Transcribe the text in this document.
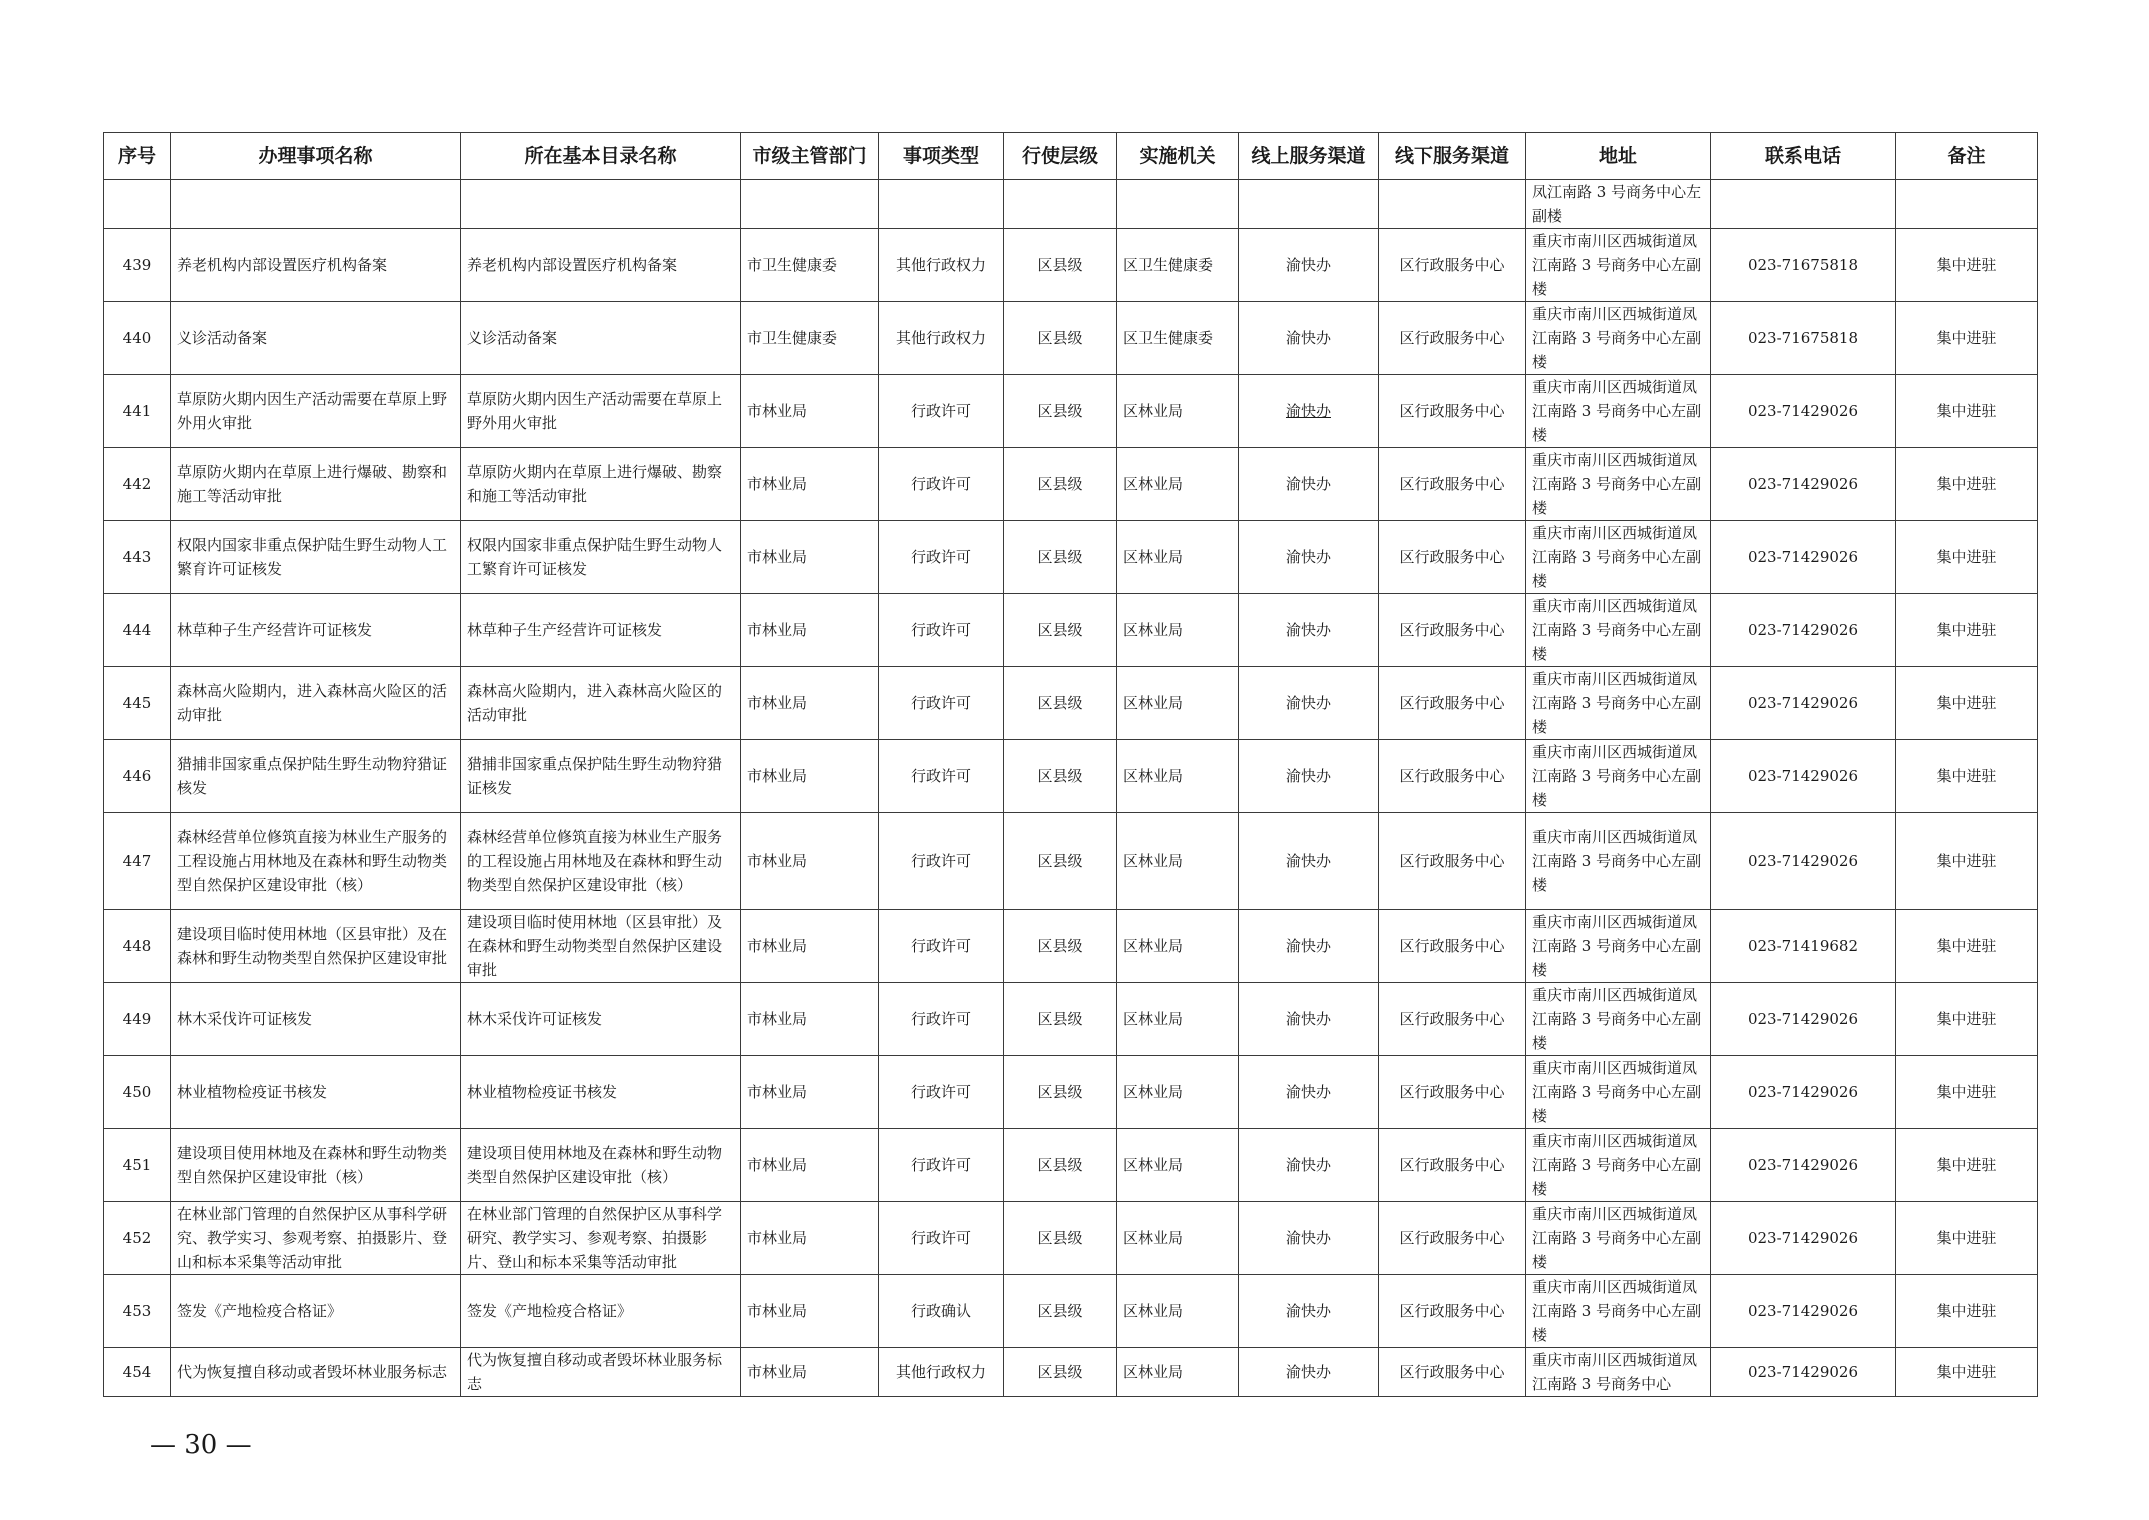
序号	办理事项名称	所在基本目录名称	市级主管部门	事项类型	行使层级	实施机关	线上服务渠道	线下服务渠道	地址	联系电话	备注
									凤江南路 3 号商务中心左副楼		
439	养老机构内部设置医疗机构备案	养老机构内部设置医疗机构备案	市卫生健康委	其他行政权力	区县级	区卫生健康委	渝快办	区行政服务中心	重庆市南川区西城街道凤江南路 3 号商务中心左副楼	023-71675818	集中进驻
440	义诊活动备案	义诊活动备案	市卫生健康委	其他行政权力	区县级	区卫生健康委	渝快办	区行政服务中心	重庆市南川区西城街道凤江南路 3 号商务中心左副楼	023-71675818	集中进驻
441	草原防火期内因生产活动需要在草原上野外用火审批	草原防火期内因生产活动需要在草原上野外用火审批	市林业局	行政许可	区县级	区林业局	渝快办	区行政服务中心	重庆市南川区西城街道凤江南路 3 号商务中心左副楼	023-71429026	集中进驻
442	草原防火期内在草原上进行爆破、勘察和施工等活动审批	草原防火期内在草原上进行爆破、勘察和施工等活动审批	市林业局	行政许可	区县级	区林业局	渝快办	区行政服务中心	重庆市南川区西城街道凤江南路 3 号商务中心左副楼	023-71429026	集中进驻
443	权限内国家非重点保护陆生野生动物人工繁育许可证核发	权限内国家非重点保护陆生野生动物人工繁育许可证核发	市林业局	行政许可	区县级	区林业局	渝快办	区行政服务中心	重庆市南川区西城街道凤江南路 3 号商务中心左副楼	023-71429026	集中进驻
444	林草种子生产经营许可证核发	林草种子生产经营许可证核发	市林业局	行政许可	区县级	区林业局	渝快办	区行政服务中心	重庆市南川区西城街道凤江南路 3 号商务中心左副楼	023-71429026	集中进驻
445	森林高火险期内，进入森林高火险区的活动审批	森林高火险期内，进入森林高火险区的活动审批	市林业局	行政许可	区县级	区林业局	渝快办	区行政服务中心	重庆市南川区西城街道凤江南路 3 号商务中心左副楼	023-71429026	集中进驻
446	猎捕非国家重点保护陆生野生动物狩猎证核发	猎捕非国家重点保护陆生野生动物狩猎证核发	市林业局	行政许可	区县级	区林业局	渝快办	区行政服务中心	重庆市南川区西城街道凤江南路 3 号商务中心左副楼	023-71429026	集中进驻
447	森林经营单位修筑直接为林业生产服务的工程设施占用林地及在森林和野生动物类型自然保护区建设审批（核）	森林经营单位修筑直接为林业生产服务的工程设施占用林地及在森林和野生动物类型自然保护区建设审批（核）	市林业局	行政许可	区县级	区林业局	渝快办	区行政服务中心	重庆市南川区西城街道凤江南路 3 号商务中心左副楼	023-71429026	集中进驻
448	建设项目临时使用林地（区县审批）及在森林和野生动物类型自然保护区建设审批	建设项目临时使用林地（区县审批）及在森林和野生动物类型自然保护区建设审批	市林业局	行政许可	区县级	区林业局	渝快办	区行政服务中心	重庆市南川区西城街道凤江南路 3 号商务中心左副楼	023-71419682	集中进驻
449	林木采伐许可证核发	林木采伐许可证核发	市林业局	行政许可	区县级	区林业局	渝快办	区行政服务中心	重庆市南川区西城街道凤江南路 3 号商务中心左副楼	023-71429026	集中进驻
450	林业植物检疫证书核发	林业植物检疫证书核发	市林业局	行政许可	区县级	区林业局	渝快办	区行政服务中心	重庆市南川区西城街道凤江南路 3 号商务中心左副楼	023-71429026	集中进驻
451	建设项目使用林地及在森林和野生动物类型自然保护区建设审批（核）	建设项目使用林地及在森林和野生动物类型自然保护区建设审批（核）	市林业局	行政许可	区县级	区林业局	渝快办	区行政服务中心	重庆市南川区西城街道凤江南路 3 号商务中心左副楼	023-71429026	集中进驻
452	在林业部门管理的自然保护区从事科学研究、教学实习、参观考察、拍摄影片、登山和标本采集等活动审批	在林业部门管理的自然保护区从事科学研究、教学实习、参观考察、拍摄影片、登山和标本采集等活动审批	市林业局	行政许可	区县级	区林业局	渝快办	区行政服务中心	重庆市南川区西城街道凤江南路 3 号商务中心左副楼	023-71429026	集中进驻
453	签发《产地检疫合格证》	签发《产地检疫合格证》	市林业局	行政确认	区县级	区林业局	渝快办	区行政服务中心	重庆市南川区西城街道凤江南路 3 号商务中心左副楼	023-71429026	集中进驻
454	代为恢复擅自移动或者毁坏林业服务标志	代为恢复擅自移动或者毁坏林业服务标志	市林业局	其他行政权力	区县级	区林业局	渝快办	区行政服务中心	重庆市南川区西城街道凤江南路 3 号商务中心	023-71429026	集中进驻
— 30 —
